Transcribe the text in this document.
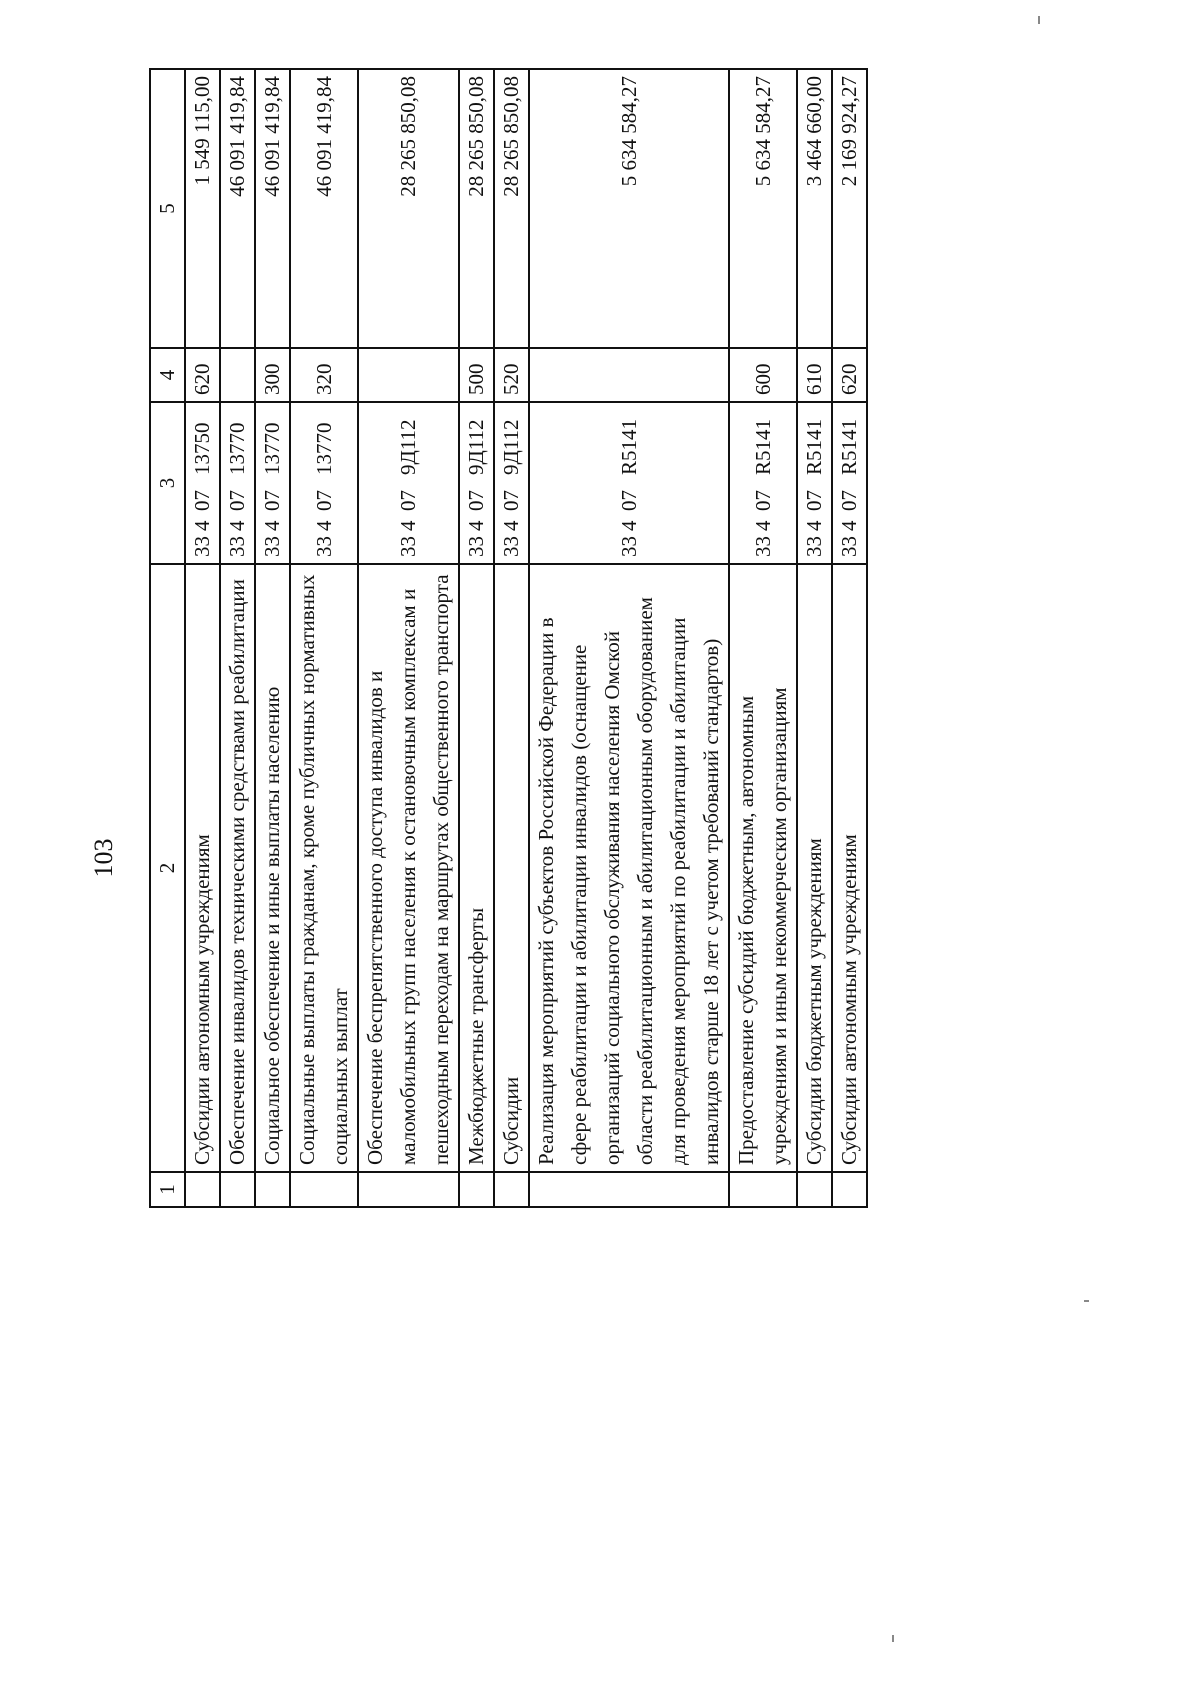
103
1	2	3	4	5
	Субсидии автономным учреждениям	3340713750	620	1 549 115,00
	Обеспечение инвалидов техническими средствами реабилитации	3340713770		46 091 419,84
	Социальное обеспечение и иные выплаты населению	3340713770	300	46 091 419,84
	Социальные выплаты гражданам, кроме публичных нормативных социальных выплат	3340713770	320	46 091 419,84
	Обеспечение беспрепятственного доступа инвалидов и маломобильных групп населения к остановочным комплексам и пешеходным переходам на маршрутах общественного транспорта	334079Д112		28 265 850,08
	Межбюджетные трансферты	334079Д112	500	28 265 850,08
	Субсидии	334079Д112	520	28 265 850,08
	Реализация мероприятий субъектов Российской Федерации в сфере реабилитации и абилитации инвалидов (оснащение организаций социального обслуживания населения Омской области реабилитационным и абилитационным оборудованием для проведения мероприятий по реабилитации и абилитации инвалидов старше 18 лет с учетом требований стандартов)	33407R5141		5 634 584,27
	Предоставление субсидий бюджетным, автономным учреждениям и иным некоммерческим организациям	33407R5141	600	5 634 584,27
	Субсидии бюджетным учреждениям	33407R5141	610	3 464 660,00
	Субсидии автономным учреждениям	33407R5141	620	2 169 924,27
